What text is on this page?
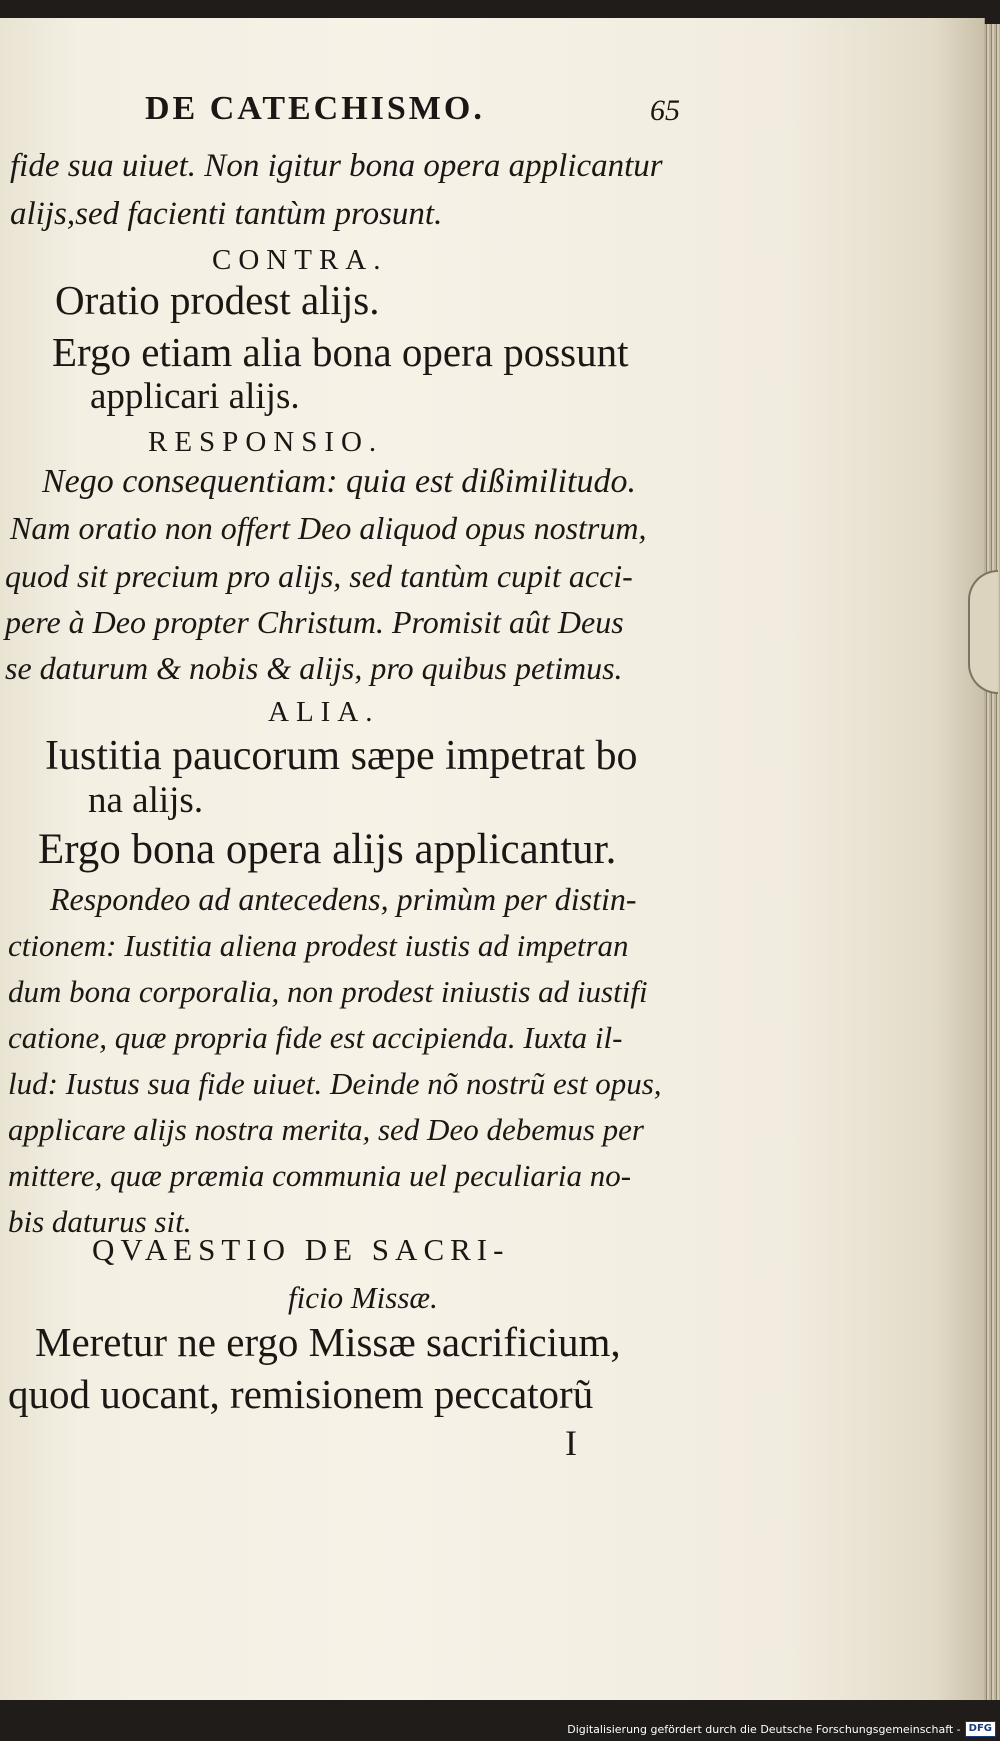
DE CATECHISMO.	65
fide sua uiuet. Non igitur bona opera applicantur
alijs,sed facienti tantùm prosunt.
CONTRA.
Oratio prodest alijs.
Ergo etiam alia bona opera possunt
applicari alijs.
RESPONSIO.
Nego consequentiam: quia est dißimilitudo.
Nam oratio non offert Deo aliquod opus nostrum,
quod sit precium pro alijs, sed tantùm cupit acci-
pere à Deo propter Christum. Promisit aût Deus
se daturum & nobis & alijs, pro quibus petimus.
ALIA.
Iustitia paucorum sæpe impetrat bo
na alijs.
Ergo bona opera alijs applicantur.
Respondeo ad antecedens, primùm per distin-
ctionem: Iustitia aliena prodest iustis ad impetran
dum bona corporalia, non prodest iniustis ad iustifi
catione, quæ propria fide est accipienda. Iuxta il-
lud: Iustus sua fide uiuet. Deinde nõ nostrũ est opus,
applicare alijs nostra merita, sed Deo debemus per
mittere, quæ præmia communia uel peculiaria no-
bis daturus sit.
QVAESTIO DE SACRI-
ficio Missæ.
Meretur ne ergo Missæ sacrificium,
quod uocant, remisionem peccatorũ
I
Digitalisierung gefördert durch die Deutsche Forschungsgemeinschaft - DFG
